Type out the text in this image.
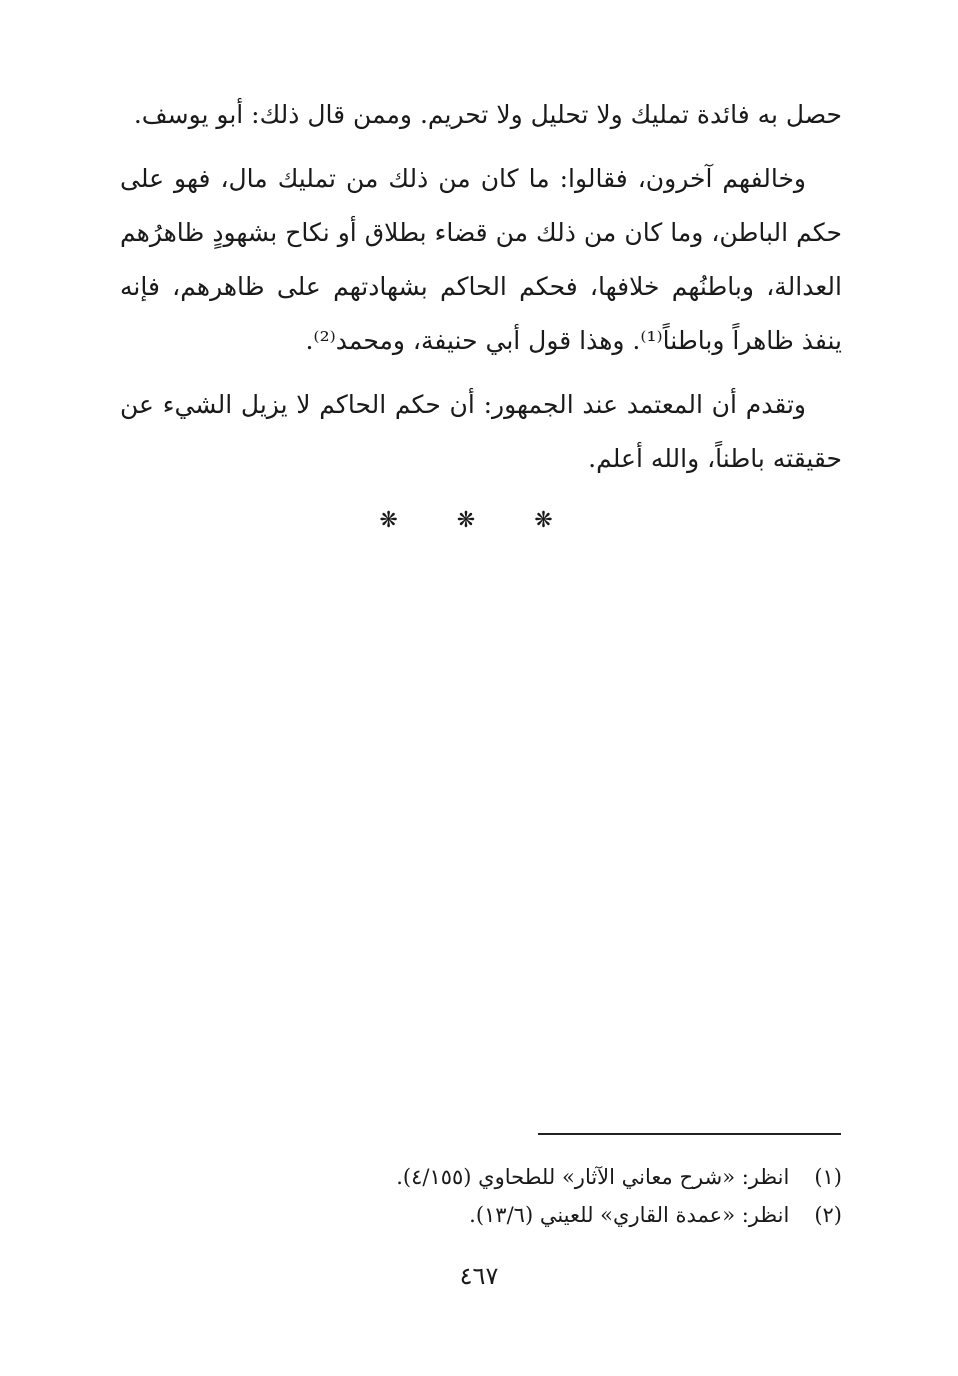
حصل به فائدة تمليك ولا تحليل ولا تحريم. وممن قال ذلك: أبو يوسف.

وخالفهم آخرون، فقالوا: ما كان من ذلك من تمليك مال، فهو على حكم الباطن، وما كان من ذلك من قضاء بطلاق أو نكاح بشهودٍ ظاهرُهم العدالة، وباطنُهم خلافها، فحكم الحاكم بشهادتهم على ظاهرهم، فإنه ينفذ ظاهراً وباطناً⁽¹⁾. وهذا قول أبي حنيفة، ومحمد⁽²⁾.

وتقدم أن المعتمد عند الجمهور: أن حكم الحاكم لا يزيل الشيء عن حقيقته باطناً، والله أعلم.

❋ ❋ ❋
(١) انظر: «شرح معاني الآثار» للطحاوي (٤/١٥٥).
(٢) انظر: «عمدة القاري» للعيني (١٣/٦).
٤٦٧
